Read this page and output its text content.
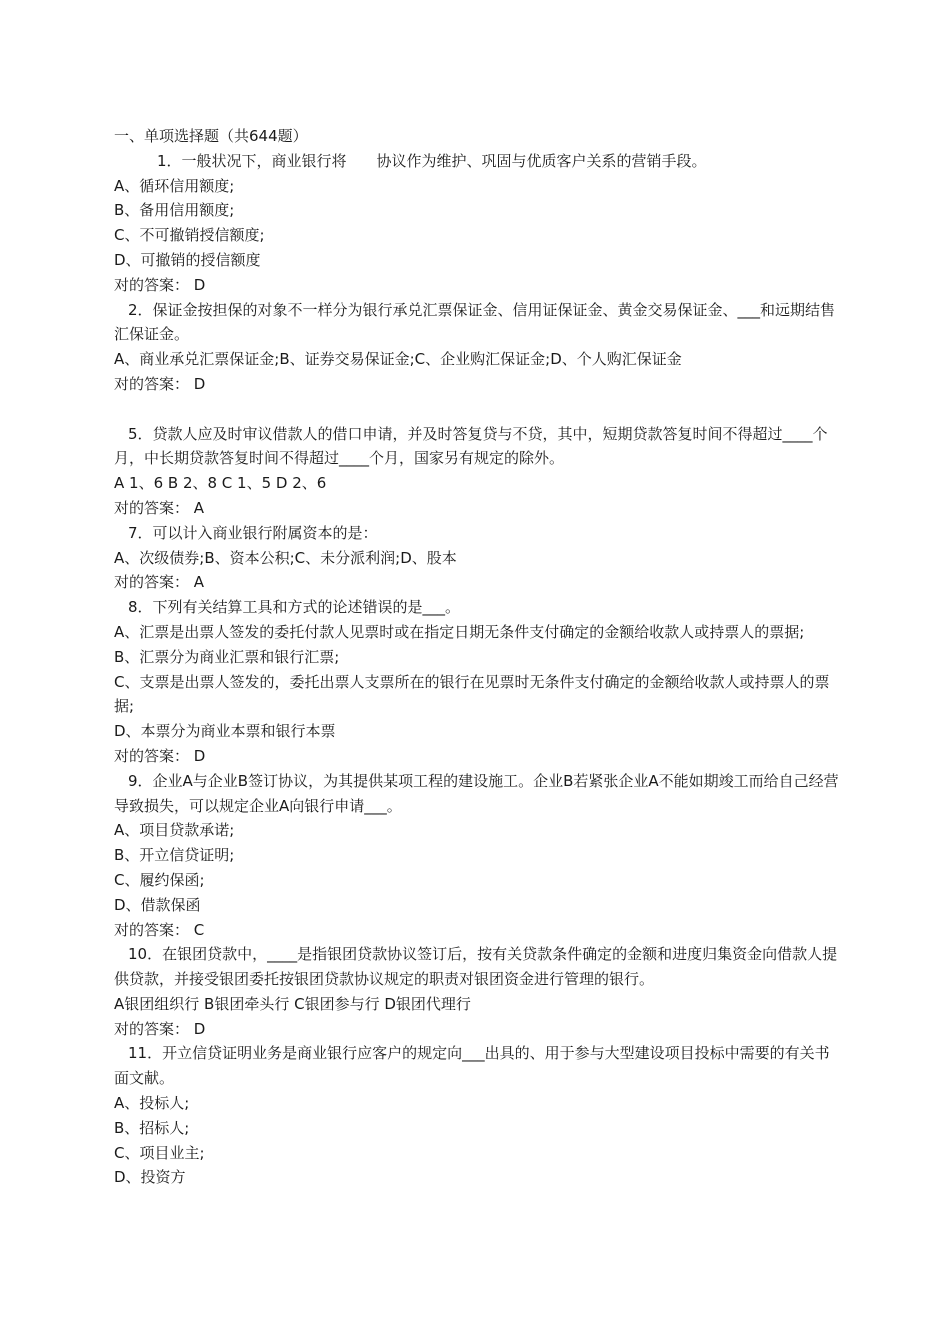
一、单项选择题（共644题）

1．一般状况下，商业银行将　　协议作为维护、巩固与优质客户关系的营销手段。

A、循环信用额度;

B、备用信用额度;

C、不可撤销授信额度;

D、可撤销的授信额度

对的答案： D

2．保证金按担保的对象不一样分为银行承兑汇票保证金、信用证保证金、黄金交易保证金、___和远期结售汇保证金。

A、商业承兑汇票保证金;B、证券交易保证金;C、企业购汇保证金;D、个人购汇保证金

对的答案： D

5．贷款人应及时审议借款人的借口申请，并及时答复贷与不贷，其中，短期贷款答复时间不得超过____个月，中长期贷款答复时间不得超过____个月，国家另有规定的除外。

A 1、6 B 2、8 C 1、5 D 2、6

对的答案： A

7．可以计入商业银行附属资本的是：

A、次级债券;B、资本公积;C、未分派利润;D、股本

对的答案： A

8．下列有关结算工具和方式的论述错误的是___。

A、汇票是出票人签发的委托付款人见票时或在指定日期无条件支付确定的金额给收款人或持票人的票据;

B、汇票分为商业汇票和银行汇票;

C、支票是出票人签发的，委托出票人支票所在的银行在见票时无条件支付确定的金额给收款人或持票人的票据;

D、本票分为商业本票和银行本票

对的答案： D

9．企业A与企业B签订协议，为其提供某项工程的建设施工。企业B若紧张企业A不能如期竣工而给自己经营导致损失，可以规定企业A向银行申请___。

A、项目贷款承诺;

B、开立信贷证明;

C、履约保函;

D、借款保函

对的答案： C

10．在银团贷款中，____是指银团贷款协议签订后，按有关贷款条件确定的金额和进度归集资金向借款人提供贷款，并接受银团委托按银团贷款协议规定的职责对银团资金进行管理的银行。

A银团组织行 B银团牵头行 C银团参与行 D银团代理行

对的答案： D

11．开立信贷证明业务是商业银行应客户的规定向___出具的、用于参与大型建设项目投标中需要的有关书面文献。

A、投标人;

B、招标人;

C、项目业主;

D、投资方
